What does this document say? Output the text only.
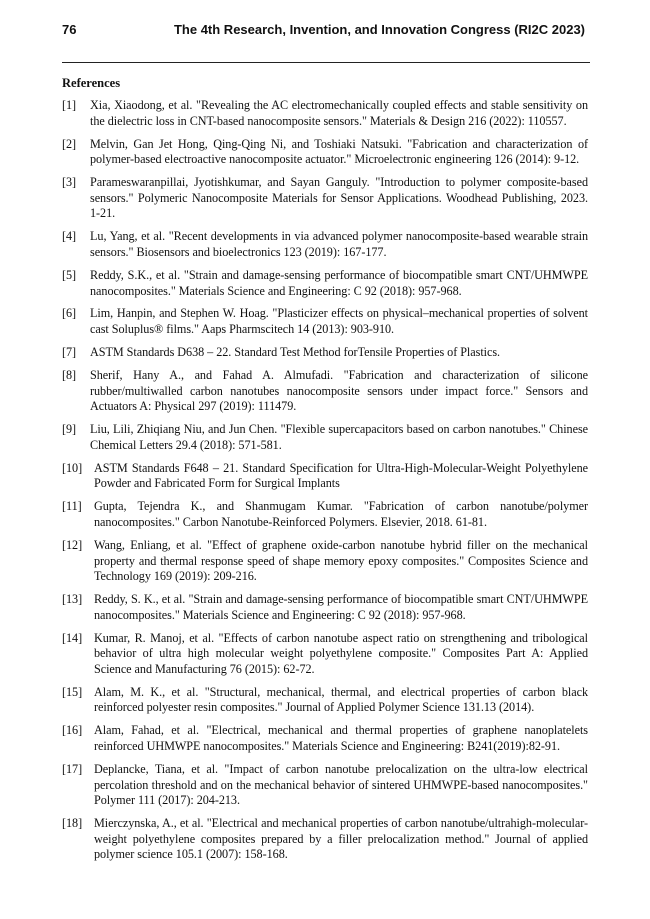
76	The 4th Research, Invention, and Innovation Congress (RI2C 2023)
References
[1] Xia, Xiaodong, et al. "Revealing the AC electromechanically coupled effects and stable sensitivity on the dielectric loss in CNT-based nanocomposite sensors." Materials & Design 216 (2022): 110557.
[2] Melvin, Gan Jet Hong, Qing-Qing Ni, and Toshiaki Natsuki. "Fabrication and characterization of polymer-based electroactive nanocomposite actuator." Microelectronic engineering 126 (2014): 9-12.
[3] Parameswaranpillai, Jyotishkumar, and Sayan Ganguly. "Introduction to polymer composite-based sensors." Polymeric Nanocomposite Materials for Sensor Applications. Woodhead Publishing, 2023. 1-21.
[4] Lu, Yang, et al. "Recent developments in via advanced polymer nanocomposite-based wearable strain sensors." Biosensors and bioelectronics 123 (2019): 167-177.
[5] Reddy, S.K., et al. "Strain and damage-sensing performance of biocompatible smart CNT/UHMWPE nanocomposites." Materials Science and Engineering: C 92 (2018): 957-968.
[6] Lim, Hanpin, and Stephen W. Hoag. "Plasticizer effects on physical–mechanical properties of solvent cast Soluplus® films." Aaps Pharmscitech 14 (2013): 903-910.
[7] ASTM Standards D638 – 22. Standard Test Method forTensile Properties of Plastics.
[8] Sherif, Hany A., and Fahad A. Almufadi. "Fabrication and characterization of silicone rubber/multiwalled carbon nanotubes nanocomposite sensors under impact force." Sensors and Actuators A: Physical 297 (2019): 111479.
[9] Liu, Lili, Zhiqiang Niu, and Jun Chen. "Flexible supercapacitors based on carbon nanotubes." Chinese Chemical Letters 29.4 (2018): 571-581.
[10] ASTM Standards F648 – 21. Standard Specification for Ultra-High-Molecular-Weight Polyethylene Powder and Fabricated Form for Surgical Implants
[11] Gupta, Tejendra K., and Shanmugam Kumar. "Fabrication of carbon nanotube/polymer nanocomposites." Carbon Nanotube-Reinforced Polymers. Elsevier, 2018. 61-81.
[12] Wang, Enliang, et al. "Effect of graphene oxide-carbon nanotube hybrid filler on the mechanical property and thermal response speed of shape memory epoxy composites." Composites Science and Technology 169 (2019): 209-216.
[13] Reddy, S. K., et al. "Strain and damage-sensing performance of biocompatible smart CNT/UHMWPE nanocomposites." Materials Science and Engineering: C 92 (2018): 957-968.
[14] Kumar, R. Manoj, et al. "Effects of carbon nanotube aspect ratio on strengthening and tribological behavior of ultra high molecular weight polyethylene composite." Composites Part A: Applied Science and Manufacturing 76 (2015): 62-72.
[15] Alam, M. K., et al. "Structural, mechanical, thermal, and electrical properties of carbon black reinforced polyester resin composites." Journal of Applied Polymer Science 131.13 (2014).
[16] Alam, Fahad, et al. "Electrical, mechanical and thermal properties of graphene nanoplatelets reinforced UHMWPE nanocomposites." Materials Science and Engineering: B241(2019):82-91.
[17] Deplancke, Tiana, et al. "Impact of carbon nanotube prelocalization on the ultra-low electrical percolation threshold and on the mechanical behavior of sintered UHMWPE-based nanocomposites." Polymer 111 (2017): 204-213.
[18] Mierczynska, A., et al. "Electrical and mechanical properties of carbon nanotube/ultrahigh-molecular-weight polyethylene composites prepared by a filler prelocalization method." Journal of applied polymer science 105.1 (2007): 158-168.
